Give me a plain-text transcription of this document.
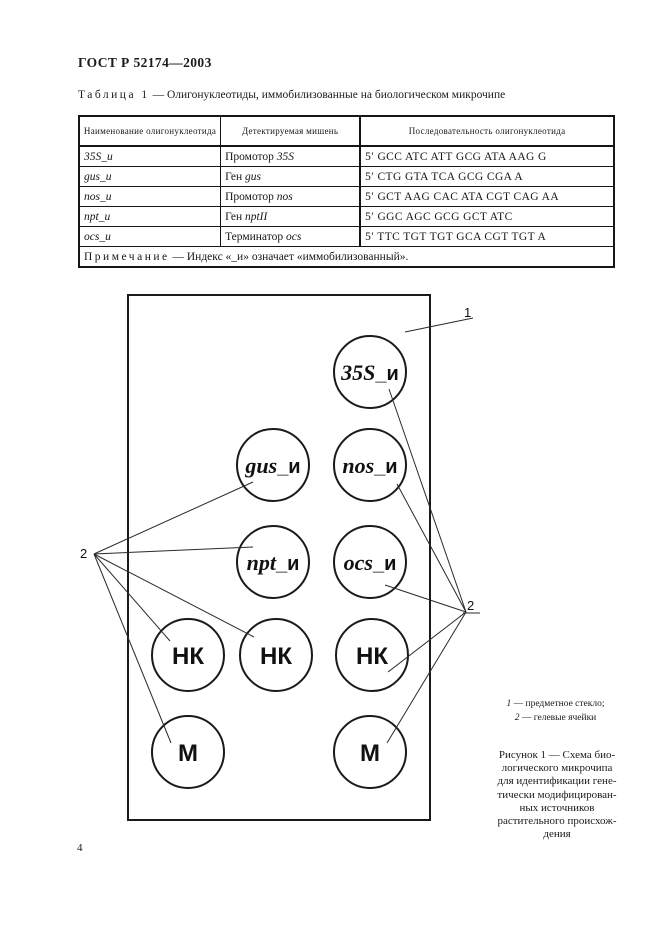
ГОСТ Р 52174—2003
Таблица 1 — Олигонуклеотиды, иммобилизованные на биологическом микрочипе
Наименование олигонуклеотида	Детектируемая мишень	Последовательность олигонуклеотида
35S_и	Промотор 35S	5′ GCC ATC ATT GCG ATA AAG G
gus_и	Ген gus	5′ CTG GTA TCA GCG CGA A
nos_и	Промотор nos	5′ GCT AAG CAC ATA CGT CAG AA
npt_и	Ген nptII	5′ GGC AGC GCG GCT ATC
ocs_и	Терминатор ocs	5′ TTC TGT TGT GCA CGT TGT A
Примечание — Индекс «_и» означает «иммобилизованный».		
35S_и
gus_и nos_и
npt_и ocs_и
НК НК	НК
М	М
1
2
2
1 — предметное стекло;
2 — гелевые ячейки
Рисунок 1 — Схема био-
логического микрочипа
для идентификации гене-
тически модифицирован-
ных источников
растительного происхож-
дения
4
